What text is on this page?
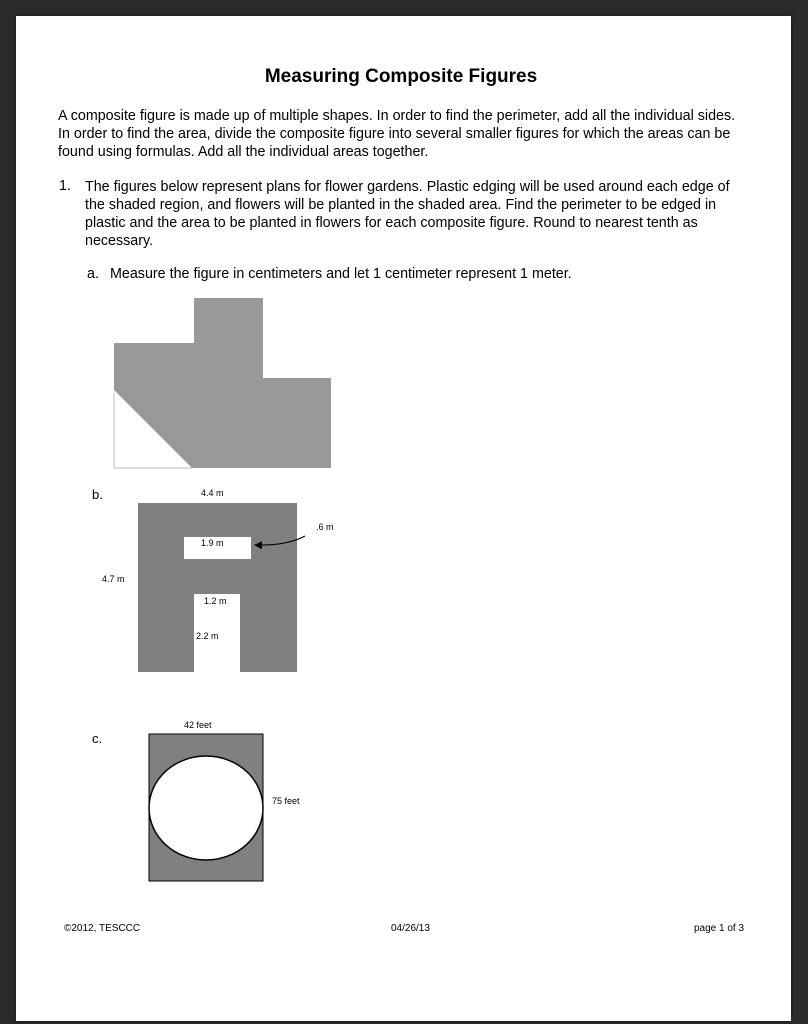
Measuring Composite Figures
A composite figure is made up of multiple shapes. In order to find the perimeter, add all the individual sides. In order to find the area, divide the composite figure into several smaller figures for which the areas can be found using formulas. Add all the individual areas together.
1. The figures below represent plans for flower gardens. Plastic edging will be used around each edge of the shaded region, and flowers will be planted in the shaded area. Find the perimeter to be edged in plastic and the area to be planted in flowers for each composite figure. Round to nearest tenth as necessary.
a. Measure the figure in centimeters and let 1 centimeter represent 1 meter.
b.
c.
4.4 m
4.7 m
1.9 m
.6 m
1.2 m
2.2 m
42 feet
75 feet
©2012, TESCCC	04/26/13	page 1 of 3
